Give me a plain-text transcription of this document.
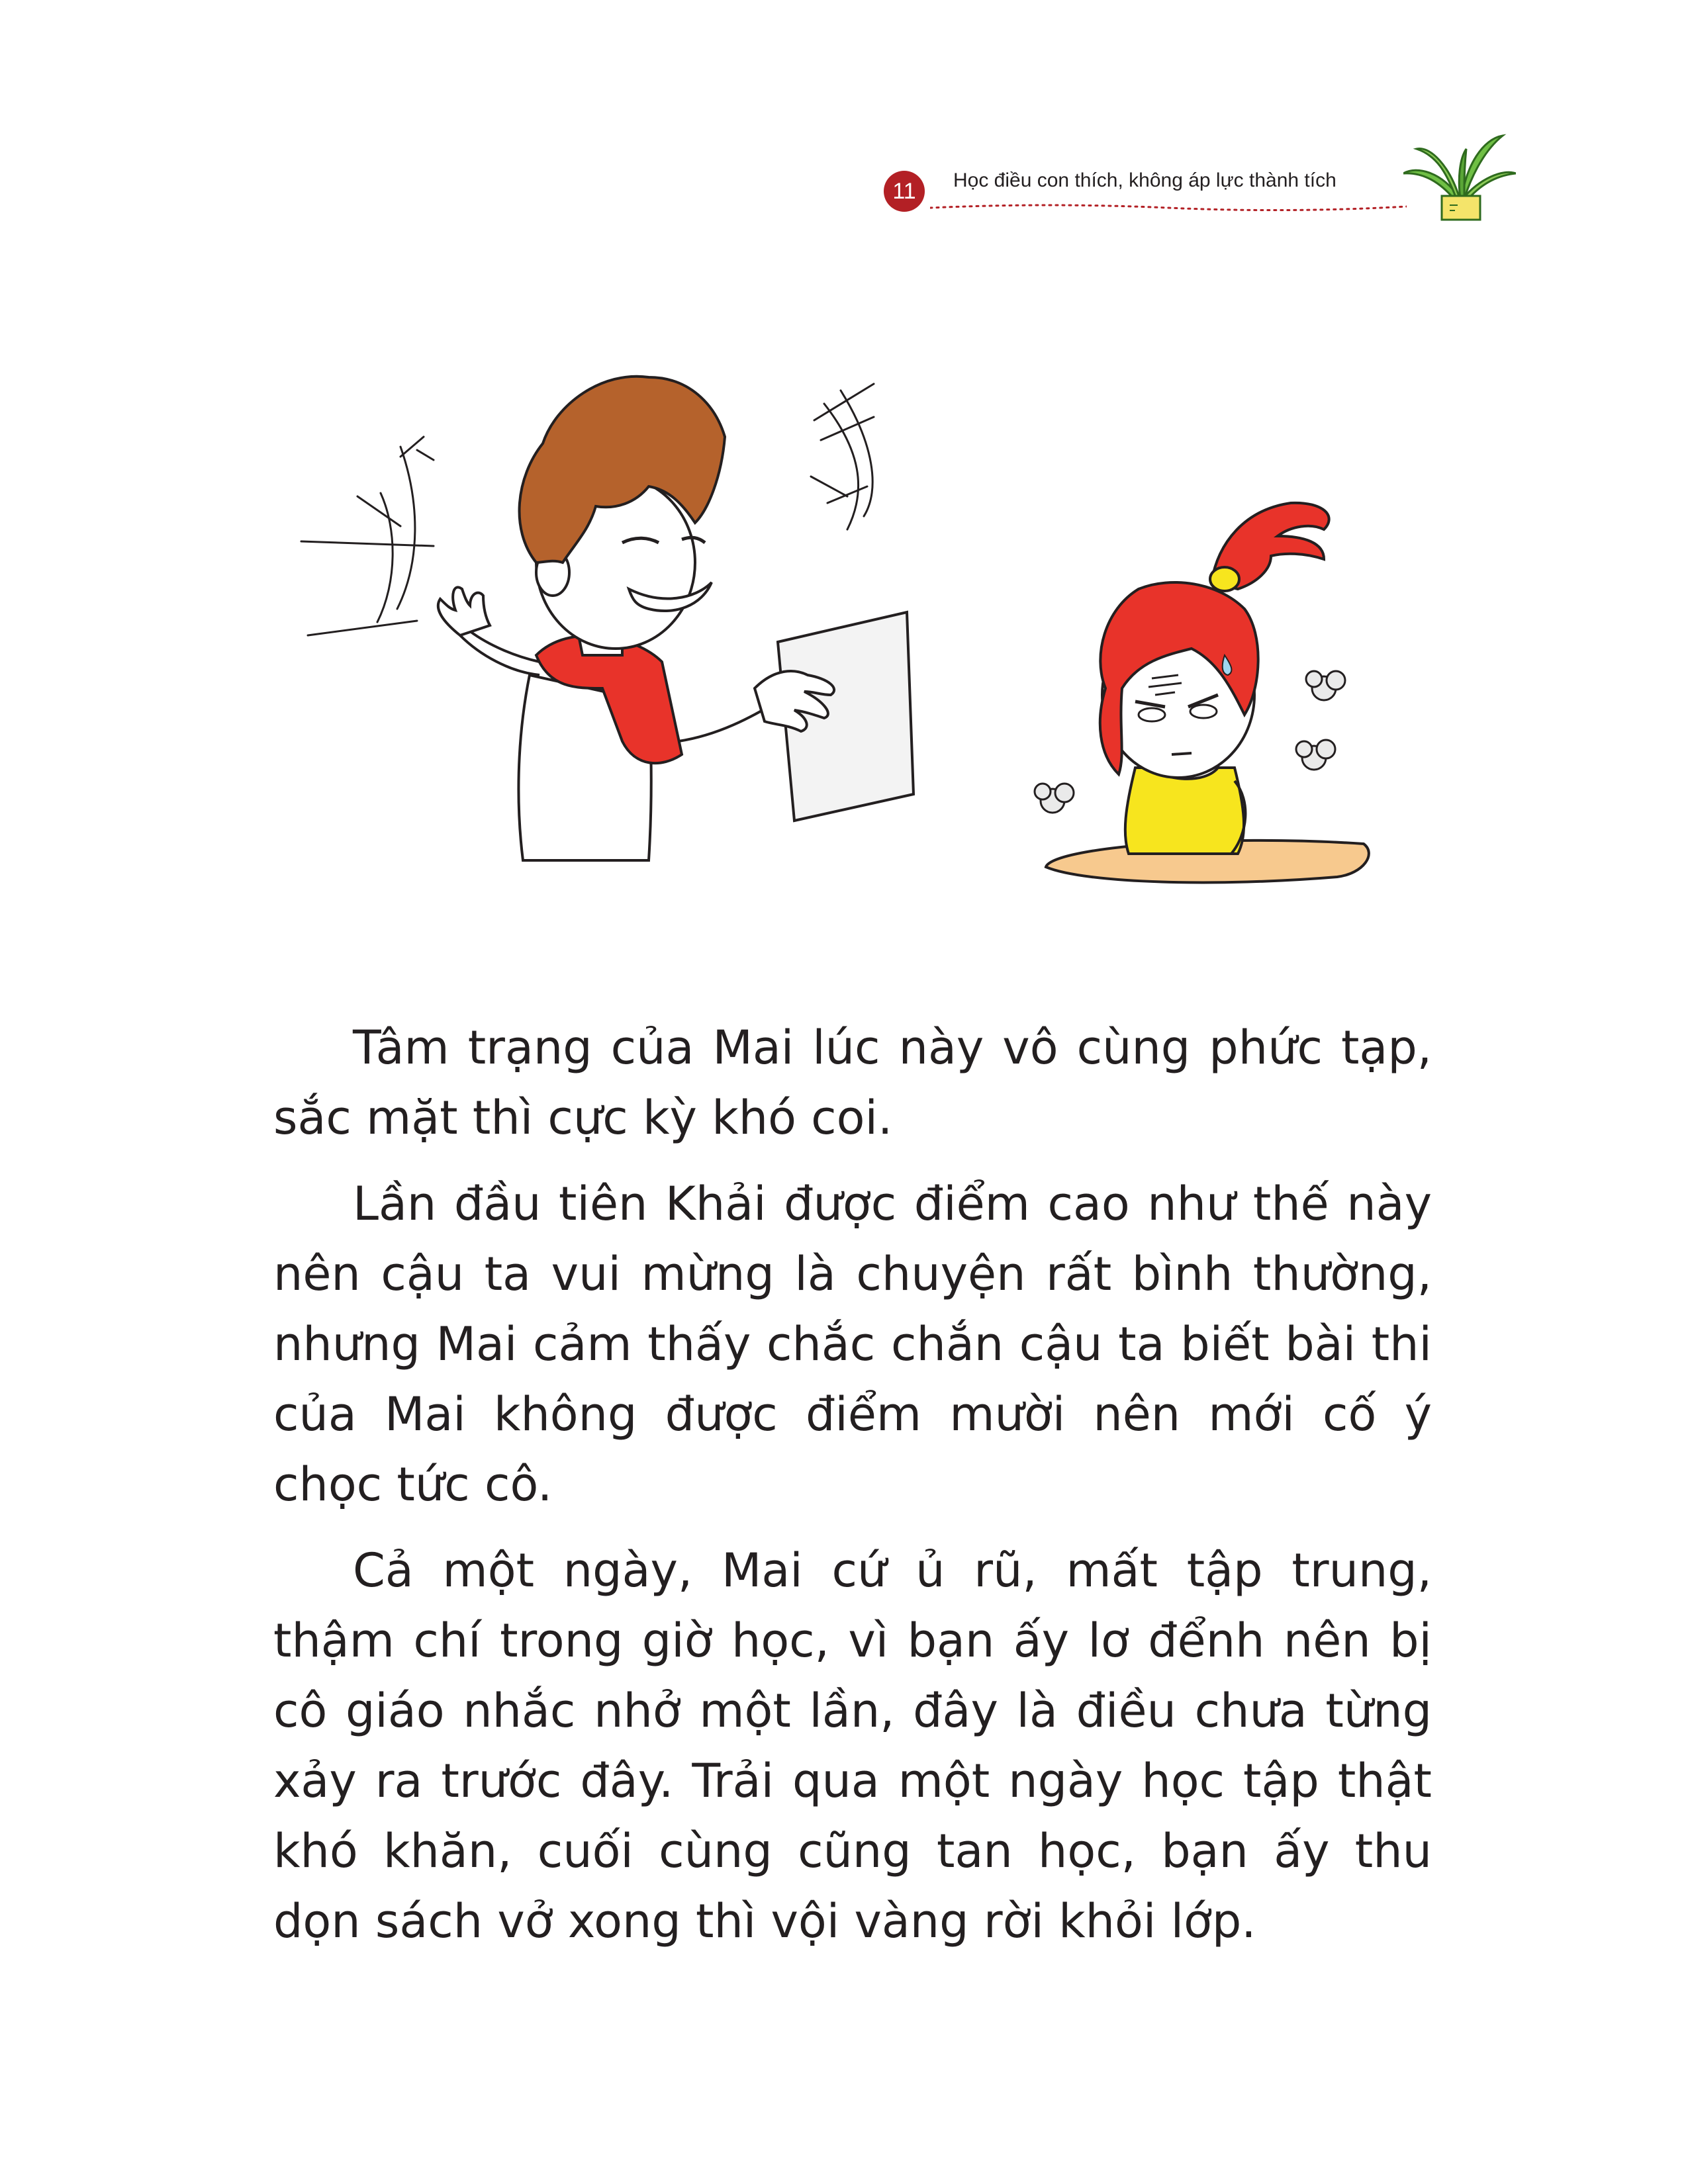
11	Học điều con thích, không áp lực thành tích

Tâm trạng của Mai lúc này vô cùng phức tạp, sắc mặt thì cực kỳ khó coi.

Lần đầu tiên Khải được điểm cao như thế này nên cậu ta vui mừng là chuyện rất bình thường, nhưng Mai cảm thấy chắc chắn cậu ta biết bài thi của Mai không được điểm mười nên mới cố ý chọc tức cô.

Cả một ngày, Mai cứ ủ rũ, mất tập trung, thậm chí trong giờ học, vì bạn ấy lơ đểnh nên bị cô giáo nhắc nhở một lần, đây là điều chưa từng xảy ra trước đây. Trải qua một ngày học tập thật khó khăn, cuối cùng cũng tan học, bạn ấy thu dọn sách vở xong thì vội vàng rời khỏi lớp.
